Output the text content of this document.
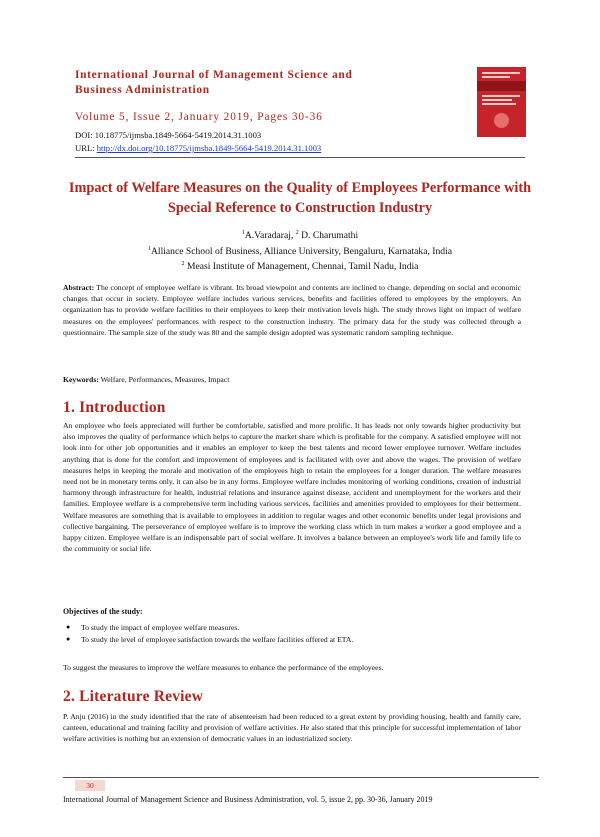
International Journal of Management Science and Business Administration
Volume 5, Issue 2, January 2019, Pages 30-36
DOI: 10.18775/ijmsba.1849-5664-5419.2014.31.1003
URL: http://dx.doi.org/10.18775/ijmsba.1849-5664-5419.2014.31.1003
Impact of Welfare Measures on the Quality of Employees Performance with Special Reference to Construction Industry
$^1$A.Varadaraj, $^2$ D. Charumathi
$^1$Alliance School of Business, Alliance University, Bengaluru, Karnataka, India
$^2$ Measi Institute of Management, Chennai, Tamil Nadu, India
Abstract: The concept of employee welfare is vibrant. Its broad viewpoint and contents are inclined to change, depending on social and economic changes that occur in society. Employee welfare includes various services, benefits and facilities offered to employees by the employers. An organization has to provide welfare facilities to their employees to keep their motivation levels high. The study throws light on impact of welfare measures on the employees' performances with respect to the construction industry. The primary data for the study was collected through a questionnaire. The sample size of the study was 80 and the sample design adopted was systematic random sampling technique.
Keywords: Welfare, Performances, Measures, Impact
1. Introduction
An employee who feels appreciated will further be comfortable, satisfied and more prolific. It has leads not only towards higher productivity but also improves the quality of performance which helps to capture the market share which is profitable for the company. A satisfied employee will not look into for other job opportunities and it enables an employer to keep the best talents and record lower employee turnover. Welfare includes anything that is done for the comfort and improvement of employees and is facilitated with over and above the wages. The provision of welfare measures helps in keeping the morale and motivation of the employees high to retain the employees for a longer duration. The welfare measures need not be in monetary terms only, it can also be in any forms. Employee welfare includes monitoring of working conditions, creation of industrial harmony through infrastructure for health, industrial relations and insurance against disease, accident and unemployment for the workers and their families. Employee welfare is a comprehensive term including various services, facilities and amenities provided to employees for their betterment. Welfare measures are something that is available to employees in addition to regular wages and other economic benefits under legal provisions and collective bargaining. The perseverance of employee welfare is to improve the working class which in turn makes a worker a good employee and a happy citizen. Employee welfare is an indispensable part of social welfare. It involves a balance between an employee's work life and family life to the community or social life.
Objectives of the study:
● To study the impact of employee welfare measures.
● To study the level of employee satisfaction towards the welfare facilities offered at ETA.
To suggest the measures to improve the welfare measures to enhance the performance of the employees.
2. Literature Review
P. Anju (2016) in the study identified that the rate of absenteeism had been reduced to a great extent by providing housing, health and family care, canteen, educational and training facility and provision of welfare activities. He also stated that this principle for successful implementation of labor welfare activities is nothing but an extension of democratic values in an industrialized society.
30
International Journal of Management Science and Business Administration, vol. 5, issue 2, pp. 30-36, January 2019
